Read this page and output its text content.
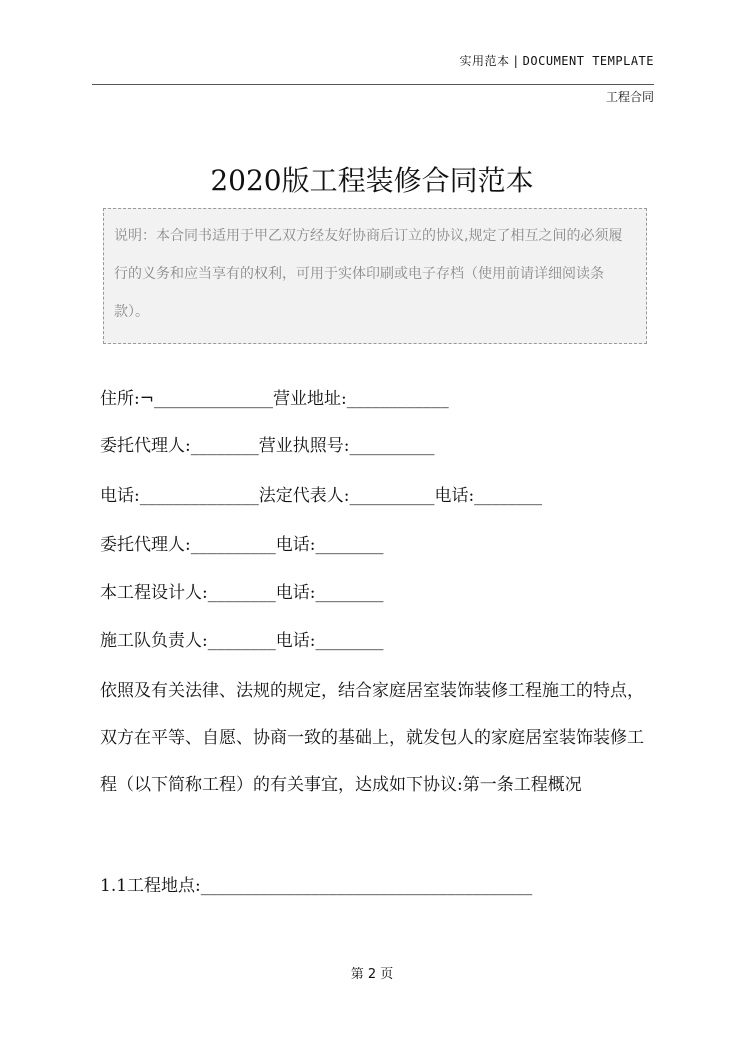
实用范本 | DOCUMENT TEMPLATE
工程合同
2020版工程装修合同范本
说明：本合同书适用于甲乙双方经友好协商后订立的协议,规定了相互之间的必须履行的义务和应当享有的权利，可用于实体印刷或电子存档（使用前请详细阅读条款）。
住所:¬______________营业地址:____________
委托代理人:________营业执照号:__________
电话:______________法定代表人:__________电话:________
委托代理人:__________电话:________
本工程设计人:________电话:________
施工队负责人:________电话:________
依照及有关法律、法规的规定，结合家庭居室装饰装修工程施工的特点，双方在平等、自愿、协商一致的基础上，就发包人的家庭居室装饰装修工程（以下简称工程）的有关事宜，达成如下协议:第一条工程概况
1.1工程地点:_______________________________________
第 2 页
